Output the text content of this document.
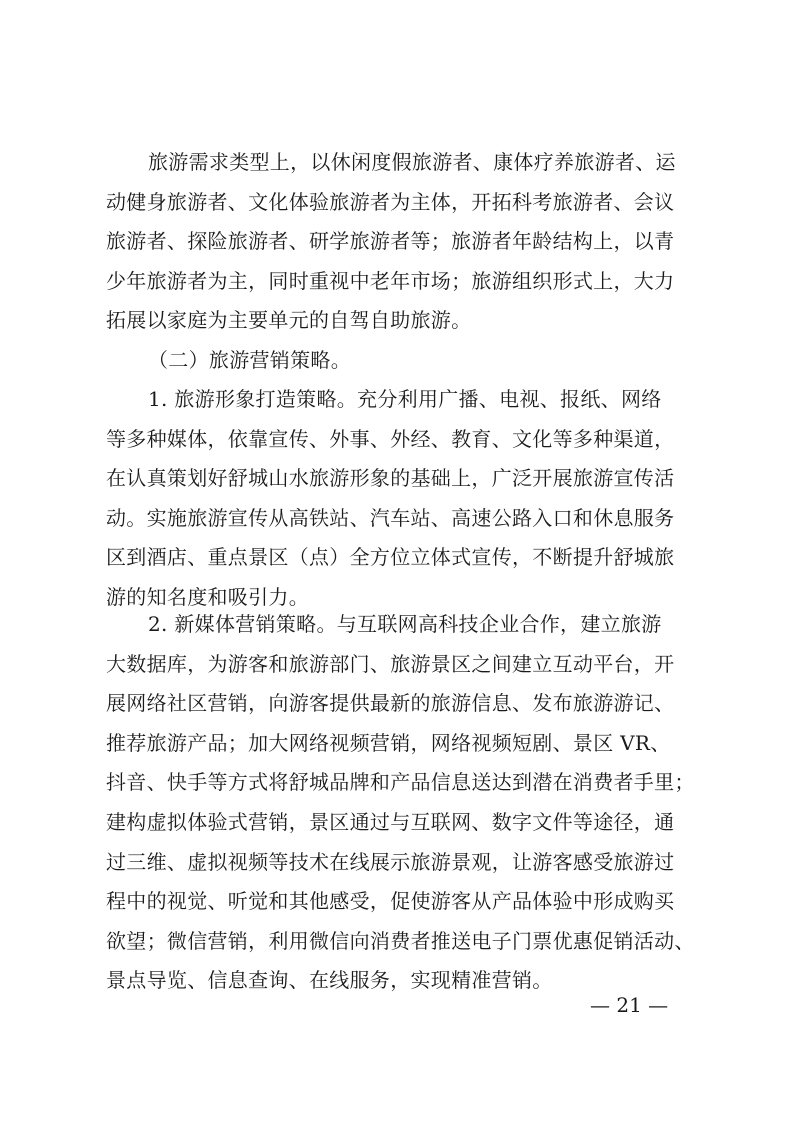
旅游需求类型上，以休闲度假旅游者、康体疗养旅游者、运
动健身旅游者、文化体验旅游者为主体，开拓科考旅游者、会议
旅游者、探险旅游者、研学旅游者等；旅游者年龄结构上，以青
少年旅游者为主，同时重视中老年市场；旅游组织形式上，大力
拓展以家庭为主要单元的自驾自助旅游。
（二）旅游营销策略。
1. 旅游形象打造策略。充分利用广播、电视、报纸、网络
等多种媒体，依靠宣传、外事、外经、教育、文化等多种渠道，
在认真策划好舒城山水旅游形象的基础上，广泛开展旅游宣传活
动。实施旅游宣传从高铁站、汽车站、高速公路入口和休息服务
区到酒店、重点景区（点）全方位立体式宣传，不断提升舒城旅
游的知名度和吸引力。
2. 新媒体营销策略。与互联网高科技企业合作，建立旅游
大数据库，为游客和旅游部门、旅游景区之间建立互动平台，开
展网络社区营销，向游客提供最新的旅游信息、发布旅游游记、
推荐旅游产品；加大网络视频营销，网络视频短剧、景区 VR、
抖音、快手等方式将舒城品牌和产品信息送达到潜在消费者手里；
建构虚拟体验式营销，景区通过与互联网、数字文件等途径，通
过三维、虚拟视频等技术在线展示旅游景观，让游客感受旅游过
程中的视觉、听觉和其他感受，促使游客从产品体验中形成购买
欲望；微信营销，利用微信向消费者推送电子门票优惠促销活动、
景点导览、信息查询、在线服务，实现精准营销。
— 21 —
